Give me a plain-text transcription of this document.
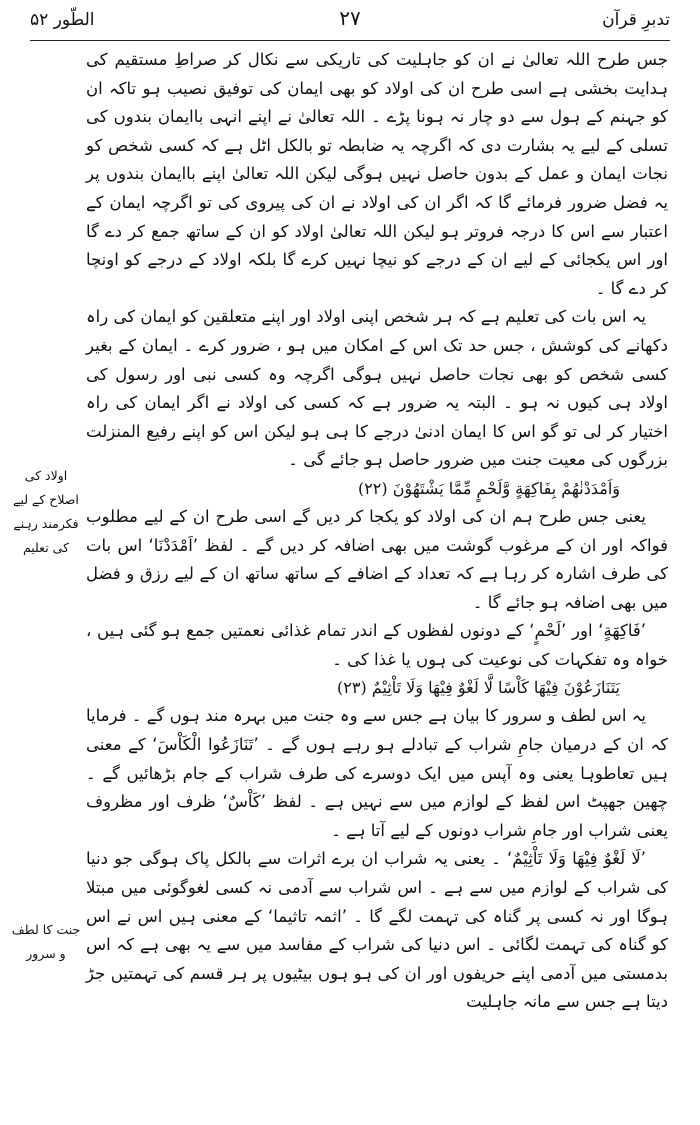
الطّور ۵۲	۲۷	تدبرِ قرآن
اولاد کی اصلاح کے لیے فکرمند رہنے کی تعلیم
جنت کا لطف و سرور

جس طرح اللہ تعالیٰ نے ان کو جاہلیت کی تاریکی سے نکال کر صراطِ مستقیم کی ہدایت بخشی ہے اسی طرح ان کی اولاد کو بھی ایمان کی توفیق نصیب ہو تاکہ ان کو جہنم کے ہول سے دو چار نہ ہونا پڑے ۔ اللہ تعالیٰ نے اپنے انہی باایمان بندوں کی تسلی کے لیے یہ بشارت دی کہ اگرچہ یہ ضابطہ تو بالکل اٹل ہے کہ کسی شخص کو نجات ایمان و عمل کے بدون حاصل نہیں ہوگی لیکن اللہ تعالیٰ اپنے باایمان بندوں پر یہ فضل ضرور فرمائے گا کہ اگر ان کی اولاد نے ان کی پیروی کی تو اگرچہ ایمان کے اعتبار سے اس کا درجہ فروتر ہو لیکن اللہ تعالیٰ اولاد کو ان کے ساتھ جمع کر دے گا اور اس یکجائی کے لیے ان کے درجے کو نیچا نہیں کرے گا بلکہ اولاد کے درجے کو اونچا کر دے گا ۔

یہ اس بات کی تعلیم ہے کہ ہر شخص اپنی اولاد اور اپنے متعلقین کو ایمان کی راہ دکھانے کی کوشش ، جس حد تک اس کے امکان میں ہو ، ضرور کرے ۔ ایمان کے بغیر کسی شخص کو بھی نجات حاصل نہیں ہوگی اگرچہ وہ کسی نبی اور رسول کی اولاد ہی کیوں نہ ہو ۔ البتہ یہ ضرور ہے کہ کسی کی اولاد نے اگر ایمان کی راہ اختیار کر لی تو گو اس کا ایمان ادنیٰ درجے کا ہی ہو لیکن اس کو اپنے رفیع المنزلت بزرگوں کی معیت جنت میں ضرور حاصل ہو جائے گی ۔

وَاَمْدَدْنٰهُمْ بِفَاكِهَةٍ وَّلَحْمٍ مِّمَّا يَشْتَهُوْنَ (۲۲)

یعنی جس طرح ہم ان کی اولاد کو یکجا کر دیں گے اسی طرح ان کے لیے مطلوب فواکہ اور ان کے مرغوب گوشت میں بھی اضافہ کر دیں گے ۔ لفظ ’اَمْدَدْنَا‘ اس بات کی طرف اشارہ کر رہا ہے کہ تعداد کے اضافے کے ساتھ ساتھ ان کے لیے رزق و فضل میں بھی اضافہ ہو جائے گا ۔

’فَاكِهَةٍ‘ اور ’لَحْمٍ‘ کے دونوں لفظوں کے اندر تمام غذائی نعمتیں جمع ہو گئی ہیں ، خواہ وہ تفکہات کی نوعیت کی ہوں یا غذا کی ۔

يَتَنَازَعُوْنَ فِيْهَا كَاْسًا لَّا لَغْوٌ فِيْهَا وَلَا تَاْثِيْمٌ (۲۳)

یہ اس لطف و سرور کا بیان ہے جس سے وہ جنت میں بہرہ مند ہوں گے ۔ فرمایا کہ ان کے درمیان جامِ شراب کے تبادلے ہو رہے ہوں گے ۔ ’تَنَازَعُوا الْكَاْسَ‘ کے معنی ہیں تعاطوہا یعنی وہ آپس میں ایک دوسرے کی طرف شراب کے جام بڑھائیں گے ۔ چھین جھپٹ اس لفظ کے لوازم میں سے نہیں ہے ۔ لفظ ’كَاْسٌ‘ ظرف اور مظروف یعنی شراب اور جامِ شراب دونوں کے لیے آتا ہے ۔

’لَا لَغْوٌ فِيْهَا وَلَا تَاْثِيْمٌ‘ ۔ یعنی یہ شراب ان برے اثرات سے بالکل پاک ہوگی جو دنیا کی شراب کے لوازم میں سے ہے ۔ اس شراب سے آدمی نہ کسی لغوگوئی میں مبتلا ہوگا اور نہ کسی پر گناہ کی تہمت لگے گا ۔ ’اثمہ تاثیما‘ کے معنی ہیں اس نے اس کو گناہ کی تہمت لگائی ۔ اس دنیا کی شراب کے مفاسد میں سے یہ بھی ہے کہ اس بدمستی میں آدمی اپنے حریفوں اور ان کی ہو ہوں بیٹیوں پر ہر قسم کی تہمتیں جڑ دیتا ہے جس سے مانہ جاہلیت
